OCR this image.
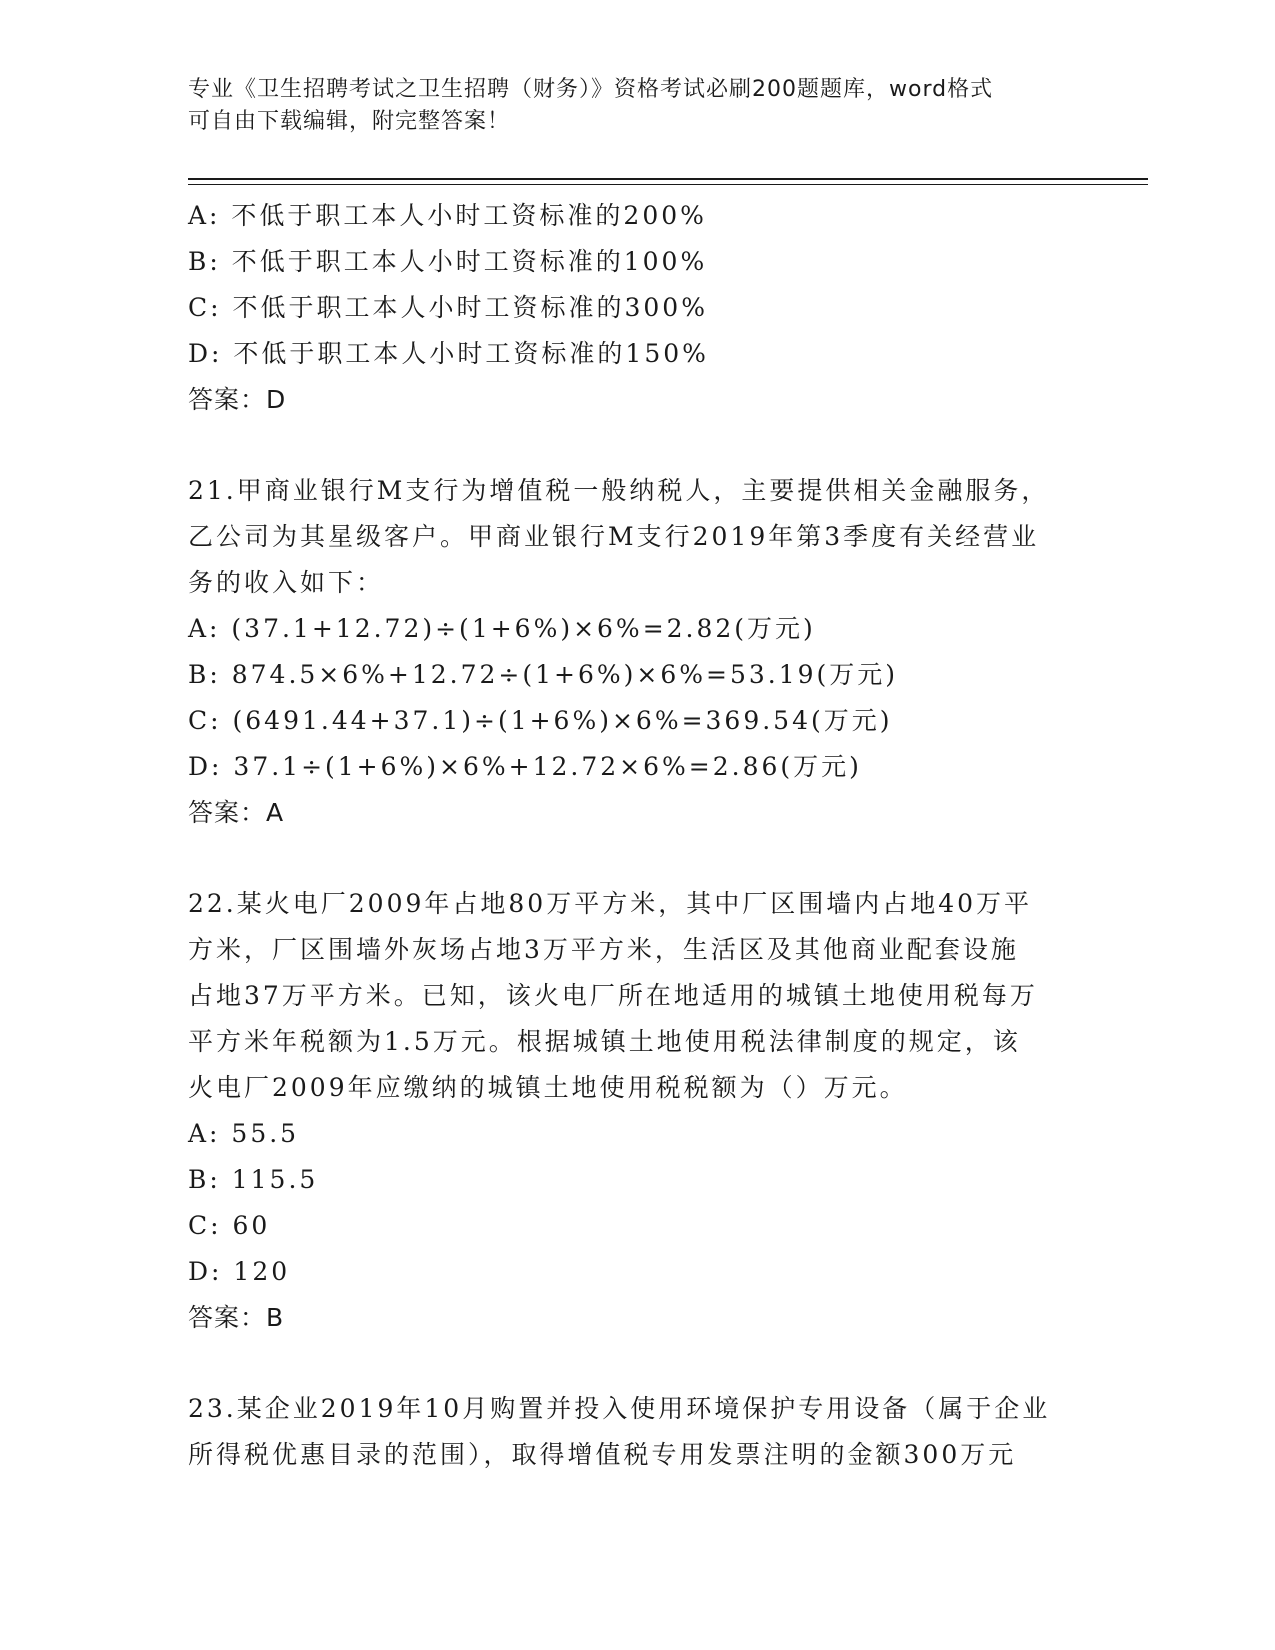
专业《卫生招聘考试之卫生招聘（财务）》资格考试必刷200题题库，word格式
可自由下载编辑，附完整答案！
A: 不低于职工本人小时工资标准的200%
B: 不低于职工本人小时工资标准的100%
C: 不低于职工本人小时工资标准的300%
D: 不低于职工本人小时工资标准的150%
答案：D
21.甲商业银行M支行为增值税一般纳税人，主要提供相关金融服务，
乙公司为其星级客户。甲商业银行M支行2019年第3季度有关经营业
务的收入如下：
A: (37.1+12.72)÷(1+6%)×6%=2.82(万元)
B: 874.5×6%+12.72÷(1+6%)×6%=53.19(万元)
C: (6491.44+37.1)÷(1+6%)×6%=369.54(万元)
D: 37.1÷(1+6%)×6%+12.72×6%=2.86(万元)
答案：A
22.某火电厂2009年占地80万平方米，其中厂区围墙内占地40万平
方米，厂区围墙外灰场占地3万平方米，生活区及其他商业配套设施
占地37万平方米。已知，该火电厂所在地适用的城镇土地使用税每万
平方米年税额为1.5万元。根据城镇土地使用税法律制度的规定，该
火电厂2009年应缴纳的城镇土地使用税税额为（）万元。
A: 55.5
B: 115.5
C: 60
D: 120
答案：B
23.某企业2019年10月购置并投入使用环境保护专用设备（属于企业
所得税优惠目录的范围），取得增值税专用发票注明的金额300万元
